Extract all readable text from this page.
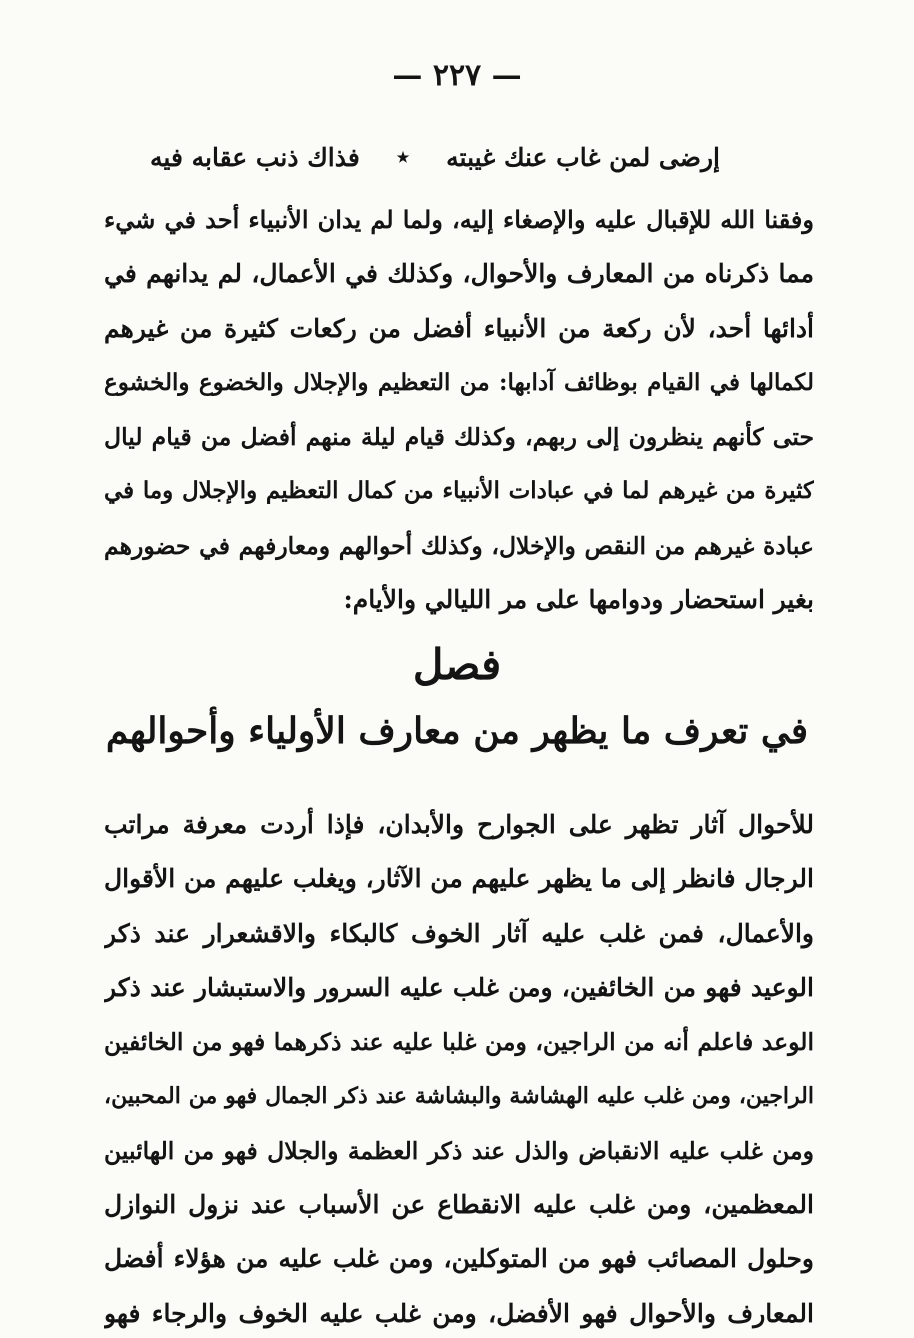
— ٢٢٧ —
إرضى لمن غاب عنك غيبته
٭
فذاك ذنب عقابه فيه
وفقنا الله للإقبال عليه والإصغاء إليه، ولما لم يدان الأنبياء أحد في شيء
مما ذكرناه من المعارف والأحوال، وكذلك في الأعمال، لم يدانهم في
أدائها أحد، لأن ركعة من الأنبياء أفضل من ركعات كثيرة من غيرهم
لكمالها في القيام بوظائف آدابها: من التعظيم والإجلال والخضوع والخشوع
حتى كأنهم ينظرون إلى ربهم، وكذلك قيام ليلة منهم أفضل من قيام ليال
كثيرة من غيرهم لما في عبادات الأنبياء من كمال التعظيم والإجلال وما في
عبادة غيرهم من النقص والإخلال، وكذلك أحوالهم ومعارفهم في حضورهم
بغير استحضار ودوامها على مر الليالي والأيام:
فصل
في تعرف ما يظهر من معارف الأولياء وأحوالهم
للأحوال آثار تظهر على الجوارح والأبدان، فإذا أردت معرفة مراتب
الرجال فانظر إلى ما يظهر عليهم من الآثار، ويغلب عليهم من الأقوال
والأعمال، فمن غلب عليه آثار الخوف كالبكاء والاقشعرار عند ذكر
الوعيد فهو من الخائفين، ومن غلب عليه السرور والاستبشار عند ذكر
الوعد فاعلم أنه من الراجين، ومن غلبا عليه عند ذكرهما فهو من الخائفين
الراجين، ومن غلب عليه الهشاشة والبشاشة عند ذكر الجمال فهو من المحبين،
ومن غلب عليه الانقباض والذل عند ذكر العظمة والجلال فهو من الهائبين
المعظمين، ومن غلب عليه الانقطاع عن الأسباب عند نزول النوازل
وحلول المصائب فهو من المتوكلين، ومن غلب عليه من هؤلاء أفضل
المعارف والأحوال فهو الأفضل، ومن غلب عليه الخوف والرجاء فهو
